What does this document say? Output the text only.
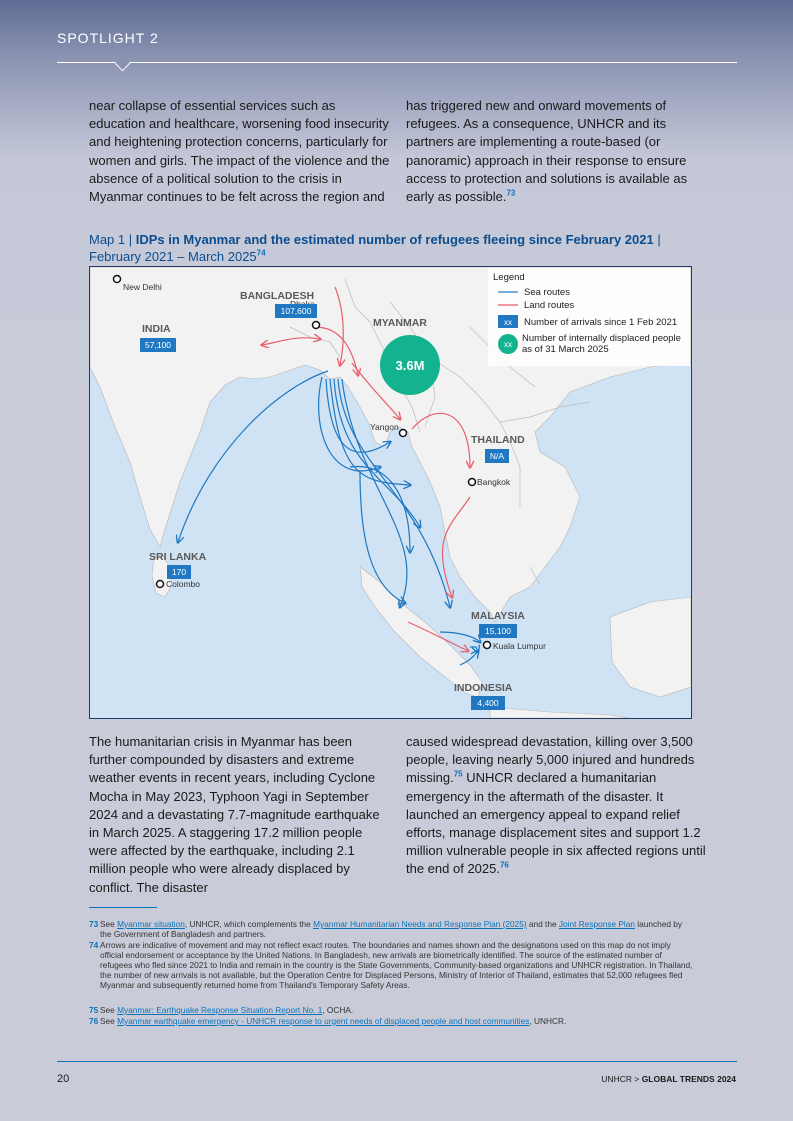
SPOTLIGHT 2
near collapse of essential services such as education and healthcare, worsening food insecurity and heightening protection concerns, particularly for women and girls. The impact of the violence and the absence of a political solution to the crisis in Myanmar continues to be felt across the region and
has triggered new and onward movements of refugees. As a consequence, UNHCR and its partners are implementing a route-based (or panoramic) approach in their response to ensure access to protection and solutions is available as early as possible.$^{73}$
Map 1 | IDPs in Myanmar and the estimated number of refugees fleeing since February 2021 |
February 2021 – March 2025$^{74}$
3.6M
New Delhi
Yangon
Bangkok
Colombo
Kuala Lumpur
INDIA
BANGLADESH
MYANMAR
THAILAND
SRI LANKA
MALAYSIA
INDONESIA
57,100
107,600
N/A
170
15,100
4,400
Legend
Sea routes
Land routes
xx Number of arrivals since 1 Feb 2021
xx
Number of internally displaced people as of 31 March 2025
The humanitarian crisis in Myanmar has been further compounded by disasters and extreme weather events in recent years, including Cyclone Mocha in May 2023, Typhoon Yagi in September 2024 and a devastating 7.7-magnitude earthquake in March 2025. A staggering 17.2 million people were affected by the earthquake, including 2.1 million people who were already displaced by conflict. The disaster
caused widespread devastation, killing over 3,500 people, leaving nearly 5,000 injured and hundreds missing.$^{75}$ UNHCR declared a humanitarian emergency in the aftermath of the disaster. It launched an emergency appeal to expand relief efforts, manage displacement sites and support 1.2 million vulnerable people in six affected regions until the end of 2025.76
73 See Myanmar situation, UNHCR, which complements the Myanmar Humanitarian Needs and Response Plan (2025) and the Joint Response Plan launched by the Government of Bangladesh and partners.
74 Arrows are indicative of movement and may not reflect exact routes. The boundaries and names shown and the designations used on this map do not imply official endorsement or acceptance by the United Nations. In Bangladesh, new arrivals are biometrically identified. The source of the estimated number of refugees who fled since 2021 to India and remain in the country is the State Governments, Community-based organizations and UNHCR registration. In Thailand, the number of new arrivals is not available, but the Operation Centre for Displaced Persons, Ministry of Interior of Thailand, estimates that 52,000 refugees fled Myanmar and subsequently returned home from Thailand's Temporary Safety Areas.
75 See Myanmar: Earthquake Response Situation Report No. 1, OCHA.
76 See Myanmar earthquake emergency - UNHCR response to urgent needs of displaced people and host communities, UNHCR.
20	UNHCR > GLOBAL TRENDS 2024
